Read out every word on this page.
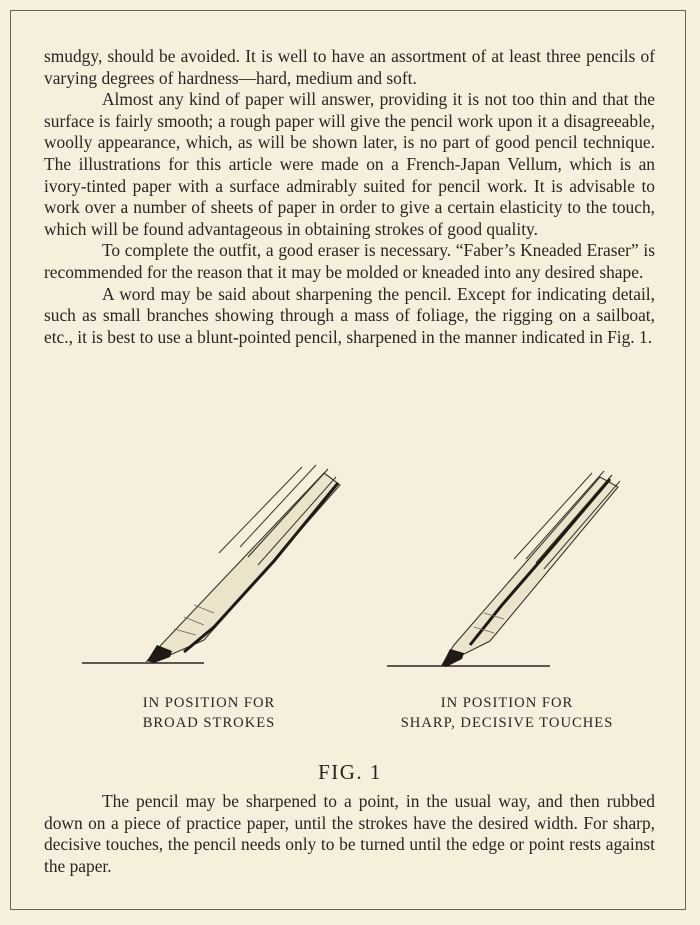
smudgy, should be avoided. It is well to have an assortment of at least three pencils of varying degrees of hardness—hard, medium and soft.

Almost any kind of paper will answer, providing it is not too thin and that the surface is fairly smooth; a rough paper will give the pencil work upon it a disagreeable, woolly appearance, which, as will be shown later, is no part of good pencil technique. The illustrations for this article were made on a French-Japan Vellum, which is an ivory-tinted paper with a surface admirably suited for pencil work. It is advisable to work over a number of sheets of paper in order to give a certain elasticity to the touch, which will be found advantageous in obtaining strokes of good quality.

To complete the outfit, a good eraser is necessary. “Faber’s Kneaded Eraser” is recommended for the reason that it may be molded or kneaded into any desired shape.

A word may be said about sharpening the pencil. Except for indicating detail, such as small branches showing through a mass of foliage, the rigging on a sailboat, etc., it is best to use a blunt-pointed pencil, sharpened in the manner indicated in Fig. 1.

IN POSITION FOR
BROAD STROKES
IN POSITION FOR
SHARP, DECISIVE TOUCHES
FIG. 1

The pencil may be sharpened to a point, in the usual way, and then rubbed down on a piece of practice paper, until the strokes have the desired width. For sharp, decisive touches, the pencil needs only to be turned until the edge or point rests against the paper.
